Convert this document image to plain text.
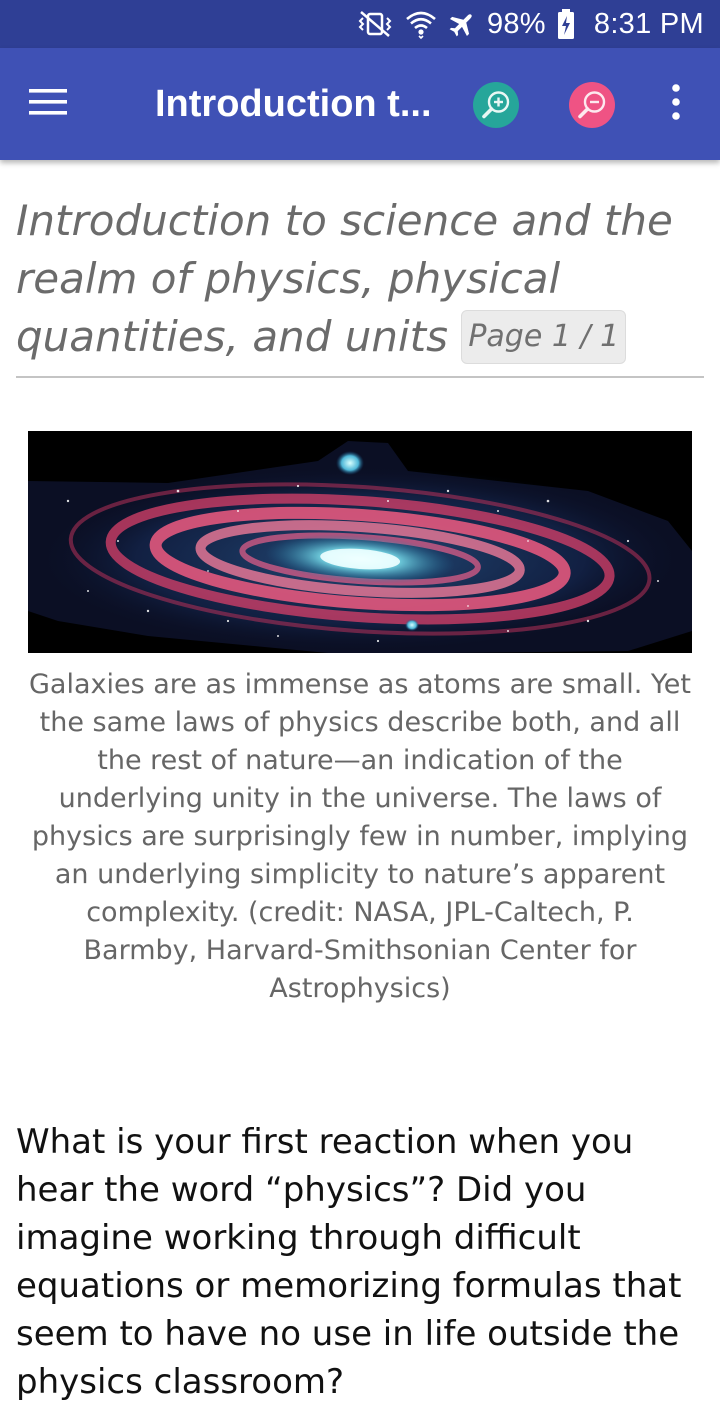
98% 8:31 PM
Introduction t...
Introduction to science and the realm of physics, physical quantities, and units Page 1 / 1

Galaxies are as immense as atoms are small. Yet the same laws of physics describe both, and all the rest of nature—an indication of the underlying unity in the universe. The laws of physics are surprisingly few in number, implying an underlying simplicity to nature’s apparent complexity. (credit: NASA, JPL-Caltech, P. Barmby, Harvard-Smithsonian Center for Astrophysics)

What is your first reaction when you hear the word “physics”? Did you imagine working through difficult equations or memorizing formulas that seem to have no use in life outside the physics classroom?
